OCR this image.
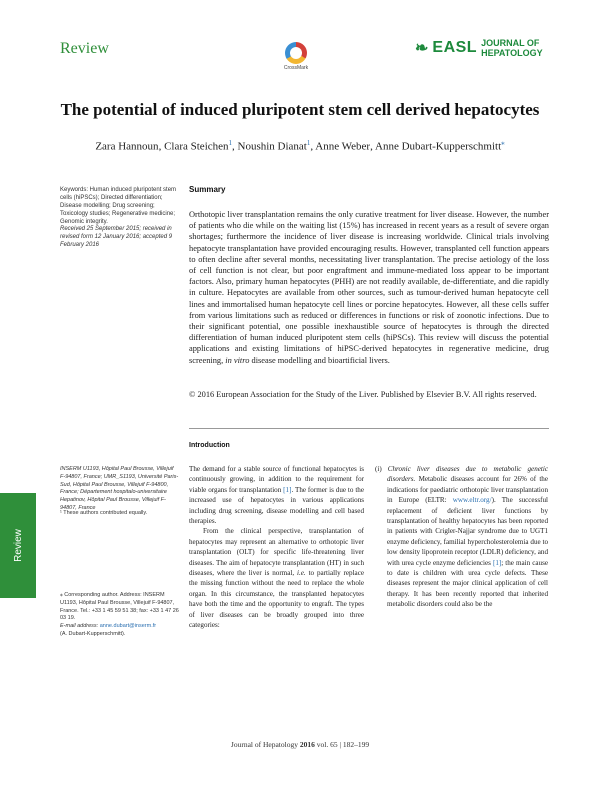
Review
CrossMark
❧ EASL JOURNAL OF
HEPATOLOGY
The potential of induced pluripotent stem cell derived hepatocytes
Zara Hannoun, Clara Steichen$^1$, Noushin Dianat$^1$, Anne Weber, Anne Dubart-Kupperschmitt⁎
Keywords: Human induced pluripotent stem cells (hiPSCs); Directed differentiation; Disease modelling; Drug screening; Toxicology studies; Regenerative medicine; Genomic integrity.
Received 25 September 2015; received in revised form 12 January 2016; accepted 9 February 2016
Summary
Orthotopic liver transplantation remains the only curative treatment for liver disease. However, the number of patients who die while on the waiting list (15%) has increased in recent years as a result of severe organ shortages; furthermore the incidence of liver disease is increasing worldwide. Clinical trials involving hepatocyte transplantation have provided encouraging results. However, transplanted cell function appears to often decline after several months, necessitating liver transplantation. The precise aetiology of the loss of cell function is not clear, but poor engraftment and immune-mediated loss appear to be important factors. Also, primary human hepatocytes (PHH) are not readily available, de-differentiate, and die rapidly in culture. Hepatocytes are available from other sources, such as tumour-derived human hepatocyte cell lines and immortalised human hepatocyte cell lines or porcine hepatocytes. However, all these cells suffer from various limitations such as reduced or differences in functions or risk of zoonotic infections. Due to their significant potential, one possible inexhaustible source of hepatocytes is through the directed differentiation of human induced pluripotent stem cells (hiPSCs). This review will discuss the potential applications and existing limitations of hiPSC-derived hepatocytes in regenerative medicine, drug screening, in vitro disease modelling and bioartificial livers.
© 2016 European Association for the Study of the Liver. Published by Elsevier B.V. All rights reserved.
INSERM U1193, Hôpital Paul Brousse, Villejuif F-94807, France; UMR_S1193, Université Paris-Sud, Hôpital Paul Brousse, Villejuif F-94800, France; Département hospitalo-universitaire Hepatinov, Hôpital Paul Brousse, Villejuif F-94807, France
¹ These authors contributed equally.
⁎ Corresponding author. Address: INSERM U1193, Hôpital Paul Brousse, Villejuif F-94807, France. Tel.: +33 1 45 59 51 38; fax: +33 1 47 26 03 19.
E-mail address: anne.dubart@inserm.fr
(A. Dubart-Kupperschmitt).
Review
Introduction

The demand for a stable source of functional hepatocytes is continuously growing, in addition to the requirement for viable organs for transplantation [1]. The former is due to the increased use of hepatocytes in various applications including drug screening, disease modelling and cell based therapies.

From the clinical perspective, transplantation of hepatocytes may represent an alternative to orthotopic liver transplantation (OLT) for specific life-threatening liver diseases. The aim of hepatocyte transplantation (HT) in such diseases, where the liver is normal, i.e. to partially replace the missing function without the need to replace the whole organ. In this circumstance, the transplanted hepatocytes have both the time and the opportunity to engraft. The types of liver diseases can be broadly grouped into three categories:

(i) Chronic liver diseases due to metabolic genetic disorders. Metabolic diseases account for 26% of the indications for paediatric orthotopic liver transplantation in Europe (ELTR: www.eltr.org/). The successful replacement of deficient liver functions by transplantation of healthy hepatocytes has been reported in patients with Crigler-Najjar syndrome due to UGT1 enzyme deficiency, familial hypercholesterolemia due to low density lipoprotein receptor (LDLR) deficiency, and with urea cycle enzyme deficiencies [1]; the main cause to date is children with urea cycle defects. These diseases represent the major clinical application of cell therapy. It has been recently reported that inherited metabolic disorders could also be the

Journal of Hepatology 2016 vol. 65 | 182–199
